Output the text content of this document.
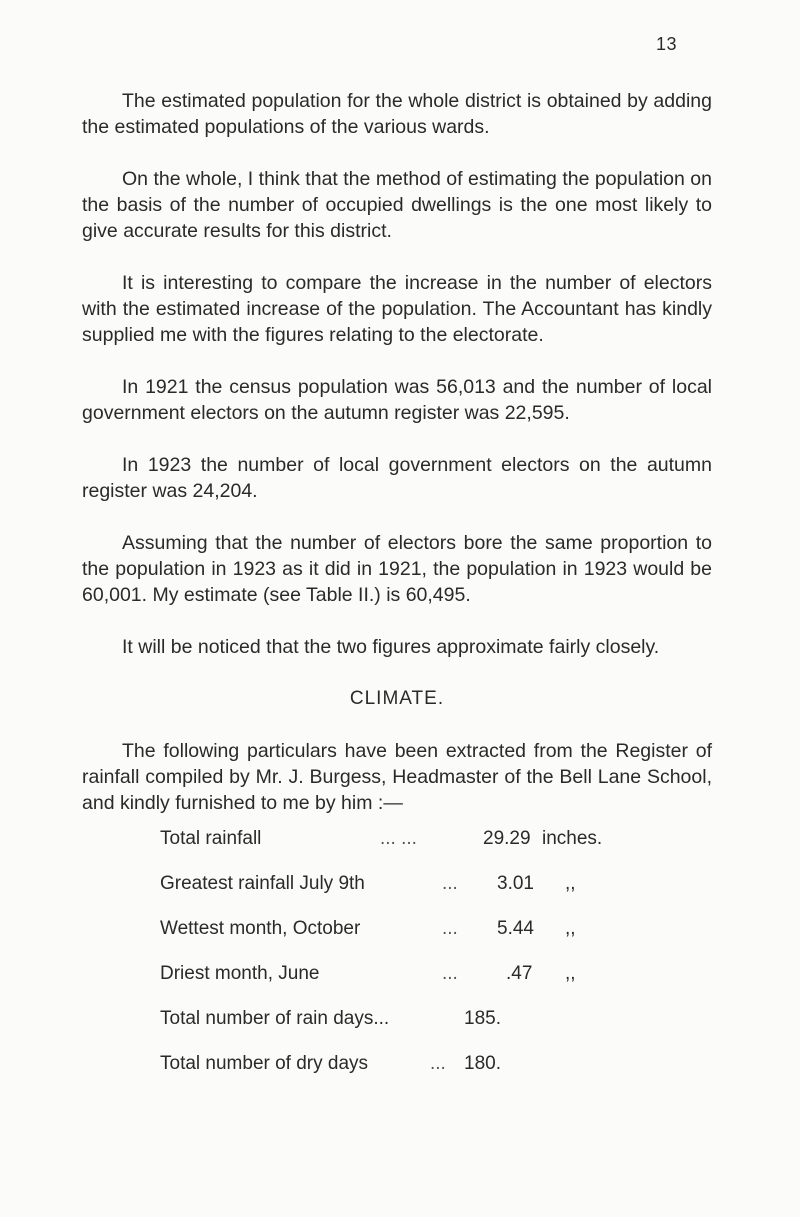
13

The estimated population for the whole district is obtained by adding the estimated populations of the various wards.

On the whole, I think that the method of estimating the population on the basis of the number of occupied dwellings is the one most likely to give accurate results for this district.

It is interesting to compare the increase in the number of electors with the estimated increase of the population. The Accountant has kindly supplied me with the figures relating to the electorate.

In 1921 the census population was 56,013 and the number of local government electors on the autumn register was 22,595.

In 1923 the number of local government electors on the autumn register was 24,204.

Assuming that the number of electors bore the same proportion to the population in 1923 as it did in 1921, the population in 1923 would be 60,001. My estimate (see Table II.) is 60,495.

It will be noticed that the two figures approximate fairly closely.

CLIMATE.

The following particulars have been extracted from the Register of rainfall compiled by Mr. J. Burgess, Headmaster of the Bell Lane School, and kindly furnished to me by him :—

Total rainfall	... ...	29.29 inches.
Greatest rainfall July 9th	... 3.01 ,,
Wettest month, October	... 5.44 ,,
Driest month, June	...	.47 ,,
Total number of rain days...	185.
Total number of dry days	... 180.
